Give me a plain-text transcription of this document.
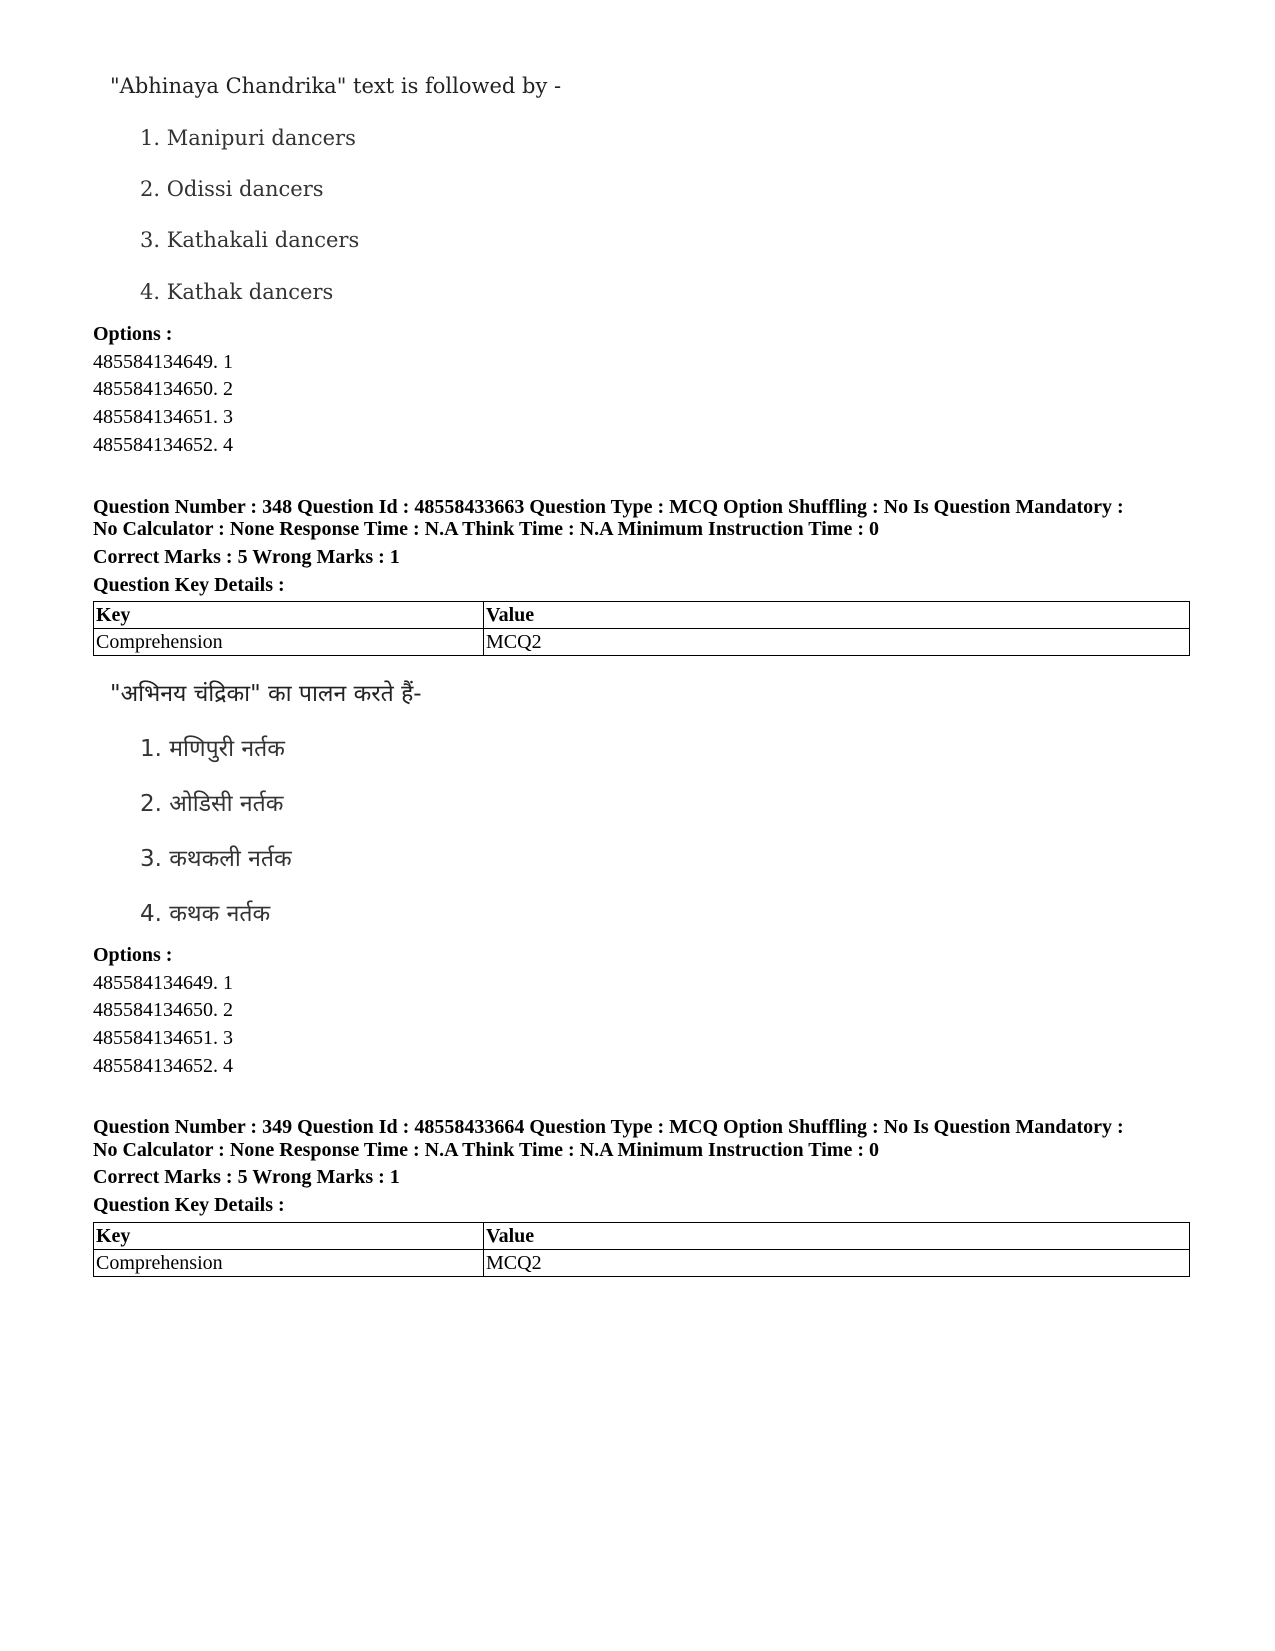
"Abhinaya Chandrika" text is followed by -
1. Manipuri dancers
2. Odissi dancers
3. Kathakali dancers
4. Kathak dancers
Options :
485584134649. 1
485584134650. 2
485584134651. 3
485584134652. 4
Question Number : 348 Question Id : 48558433663 Question Type : MCQ Option Shuffling : No Is Question Mandatory :
No Calculator : None Response Time : N.A Think Time : N.A Minimum Instruction Time : 0
Correct Marks : 5 Wrong Marks : 1
Question Key Details :
Key	Value
Comprehension	MCQ2
"अभिनय चंद्रिका" का पालन करते हैं-
1. मणिपुरी नर्तक
2. ओडिसी नर्तक
3. कथकली नर्तक
4. कथक नर्तक
Options :
485584134649. 1
485584134650. 2
485584134651. 3
485584134652. 4
Question Number : 349 Question Id : 48558433664 Question Type : MCQ Option Shuffling : No Is Question Mandatory :
No Calculator : None Response Time : N.A Think Time : N.A Minimum Instruction Time : 0
Correct Marks : 5 Wrong Marks : 1
Question Key Details :
Key	Value
Comprehension	MCQ2
